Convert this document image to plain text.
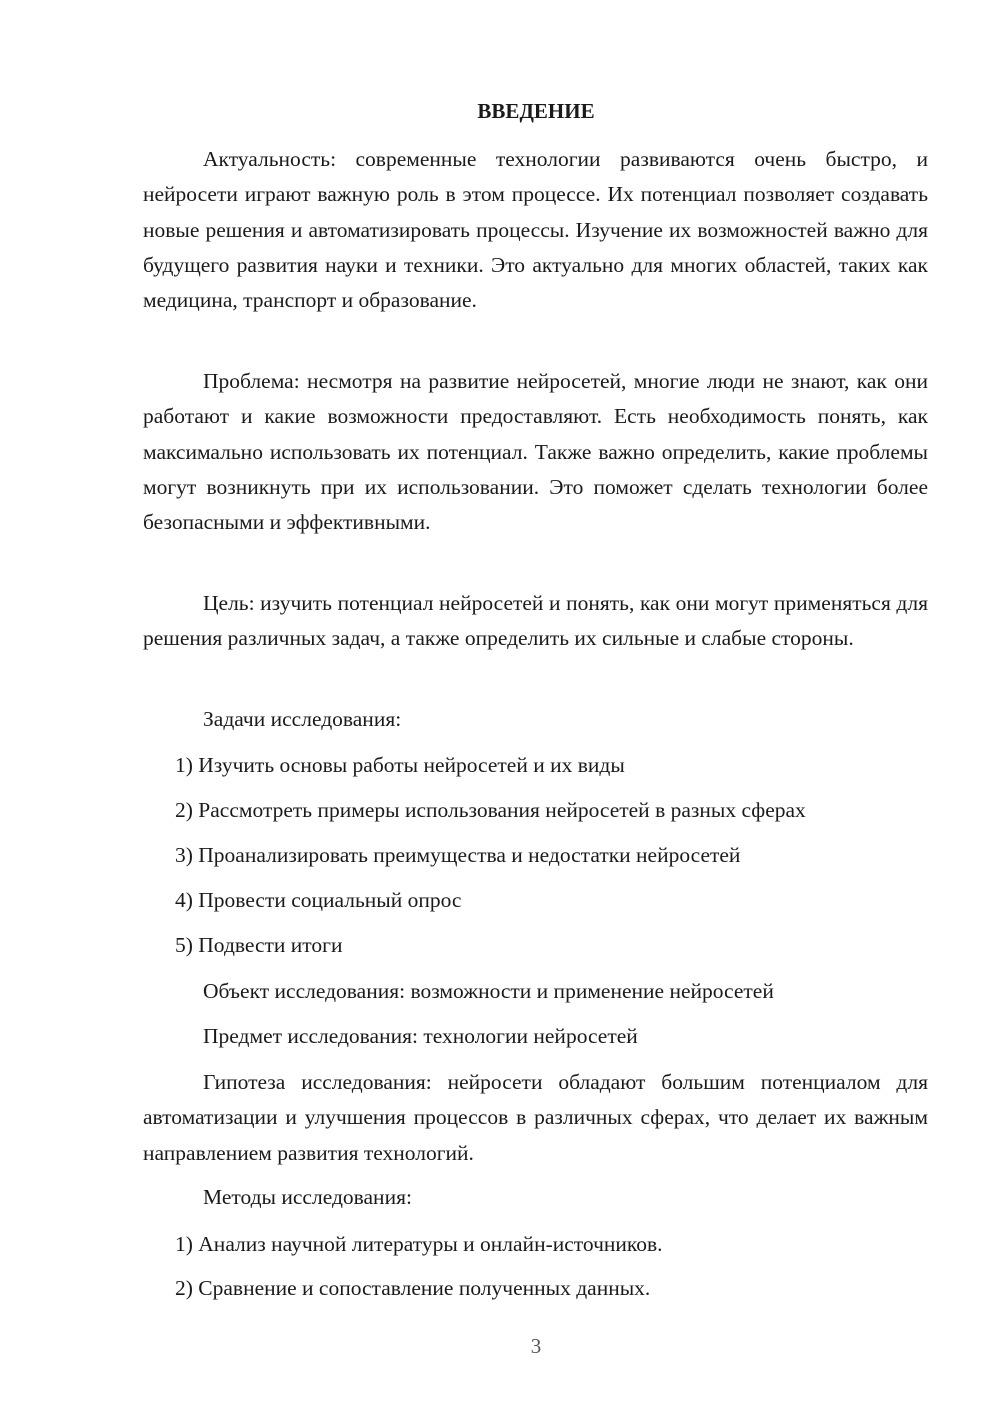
ВВЕДЕНИЕ

Актуальность: современные технологии развиваются очень быстро, и нейросети играют важную роль в этом процессе. Их потенциал позволяет создавать новые решения и автоматизировать процессы. Изучение их возможностей важно для будущего развития науки и техники. Это актуально для многих областей, таких как медицина, транспорт и образование.

Проблема: несмотря на развитие нейросетей, многие люди не знают, как они работают и какие возможности предоставляют. Есть необходимость понять, как максимально использовать их потенциал. Также важно определить, какие проблемы могут возникнуть при их использовании. Это поможет сделать технологии более безопасными и эффективными.

Цель: изучить потенциал нейросетей и понять, как они могут применяться для решения различных задач, а также определить их сильные и слабые стороны.

Задачи исследования:

1) Изучить основы работы нейросетей и их виды

2) Рассмотреть примеры использования нейросетей в разных сферах

3) Проанализировать преимущества и недостатки нейросетей

4) Провести социальный опрос

5) Подвести итоги

Объект исследования: возможности и применение нейросетей

Предмет исследования: технологии нейросетей

Гипотеза исследования: нейросети обладают большим потенциалом для автоматизации и улучшения процессов в различных сферах, что делает их важным направлением развития технологий.

Методы исследования:

1) Анализ научной литературы и онлайн-источников.

2) Сравнение и сопоставление полученных данных.

3
